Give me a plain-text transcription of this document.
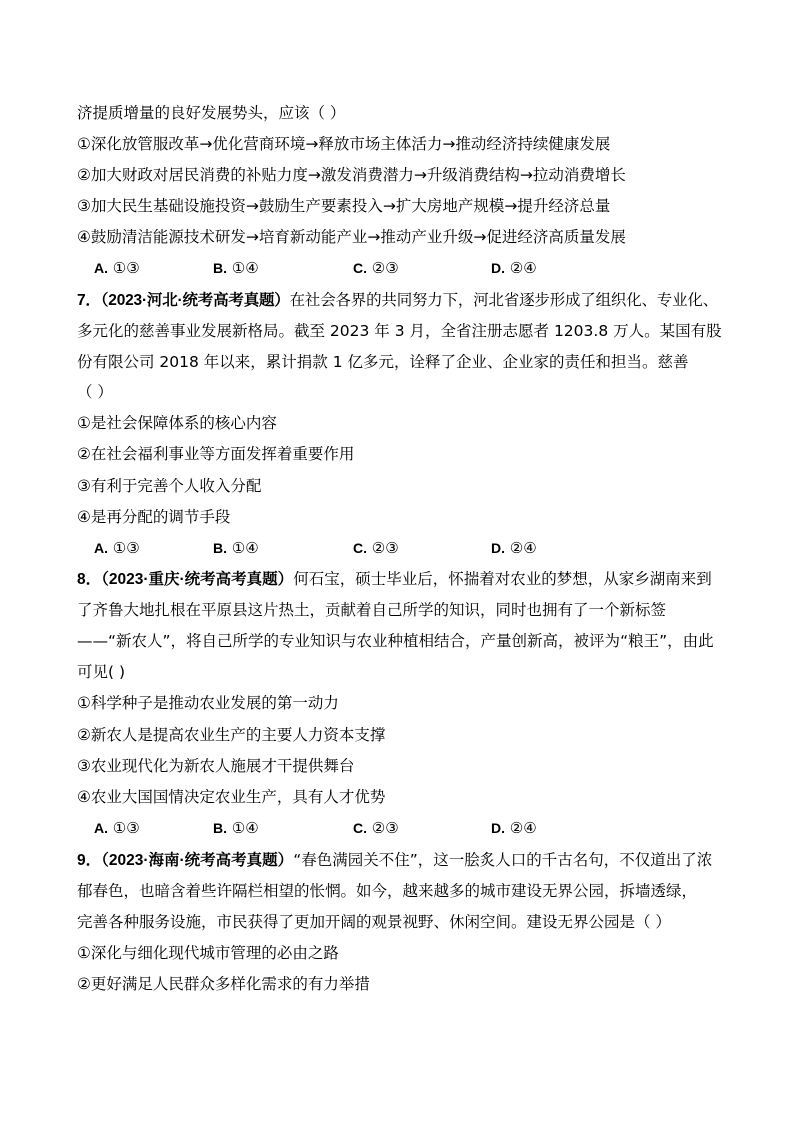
济提质增量的良好发展势头，应该（ ）
①深化放管服改革→优化营商环境→释放市场主体活力→推动经济持续健康发展
②加大财政对居民消费的补贴力度→激发消费潜力→升级消费结构→拉动消费增长
③加大民生基础设施投资→鼓励生产要素投入→扩大房地产规模→提升经济总量
④鼓励清洁能源技术研发→培育新动能产业→推动产业升级→促进经济高质量发展
A. ①③	B. ①④	C. ②③	D. ②④
7．（2023·河北·统考高考真题）在社会各界的共同努力下，河北省逐步形成了组织化、专业化、
多元化的慈善事业发展新格局。截至 2023 年 3 月，全省注册志愿者 1203.8 万人。某国有股
份有限公司 2018 年以来，累计捐款 1 亿多元，诠释了企业、企业家的责任和担当。慈善
（ ）
①是社会保障体系的核心内容
②在社会福利事业等方面发挥着重要作用
③有利于完善个人收入分配
④是再分配的调节手段
A. ①③	B. ①④	C. ②③	D. ②④
8．（2023·重庆·统考高考真题）何石宝，硕士毕业后，怀揣着对农业的梦想，从家乡湖南来到
了齐鲁大地扎根在平原县这片热土，贡献着自己所学的知识，同时也拥有了一个新标签
——“新农人”，将自己所学的专业知识与农业种植相结合，产量创新高，被评为“粮王”，由此
可见( )
①科学种子是推动农业发展的第一动力
②新农人是提高农业生产的主要人力资本支撑
③农业现代化为新农人施展才干提供舞台
④农业大国国情决定农业生产，具有人才优势
A. ①③	B. ①④	C. ②③	D. ②④
9．（2023·海南·统考高考真题）“春色满园关不住”，这一脍炙人口的千古名句，不仅道出了浓
郁春色，也暗含着些许隔栏相望的怅惘。如今，越来越多的城市建设无界公园，拆墙透绿，
完善各种服务设施，市民获得了更加开阔的观景视野、休闲空间。建设无界公园是（ ）
①深化与细化现代城市管理的必由之路
②更好满足人民群众多样化需求的有力举措
